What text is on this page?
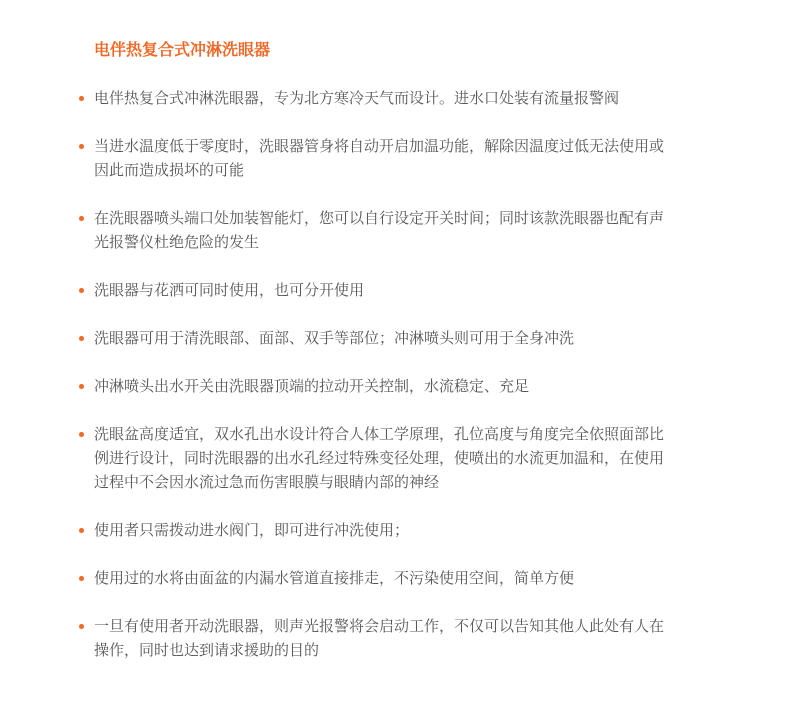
电伴热复合式冲淋洗眼器
电伴热复合式冲淋洗眼器，专为北方寒冷天气而设计。进水口处装有流量报警阀
当进水温度低于零度时，洗眼器管身将自动开启加温功能，解除因温度过低无法使用或因此而造成损坏的可能
在洗眼器喷头端口处加装智能灯，您可以自行设定开关时间；同时该款洗眼器也配有声光报警仪杜绝危险的发生
洗眼器与花洒可同时使用，也可分开使用
洗眼器可用于清洗眼部、面部、双手等部位；冲淋喷头则可用于全身冲洗
冲淋喷头出水开关由洗眼器顶端的拉动开关控制，水流稳定、充足
洗眼盆高度适宜，双水孔出水设计符合人体工学原理，孔位高度与角度完全依照面部比例进行设计，同时洗眼器的出水孔经过特殊变径处理，使喷出的水流更加温和，在使用过程中不会因水流过急而伤害眼膜与眼睛内部的神经
使用者只需拨动进水阀门，即可进行冲洗使用；
使用过的水将由面盆的内漏水管道直接排走，不污染使用空间，简单方便
一旦有使用者开动洗眼器，则声光报警将会启动工作，不仅可以告知其他人此处有人在操作，同时也达到请求援助的目的
